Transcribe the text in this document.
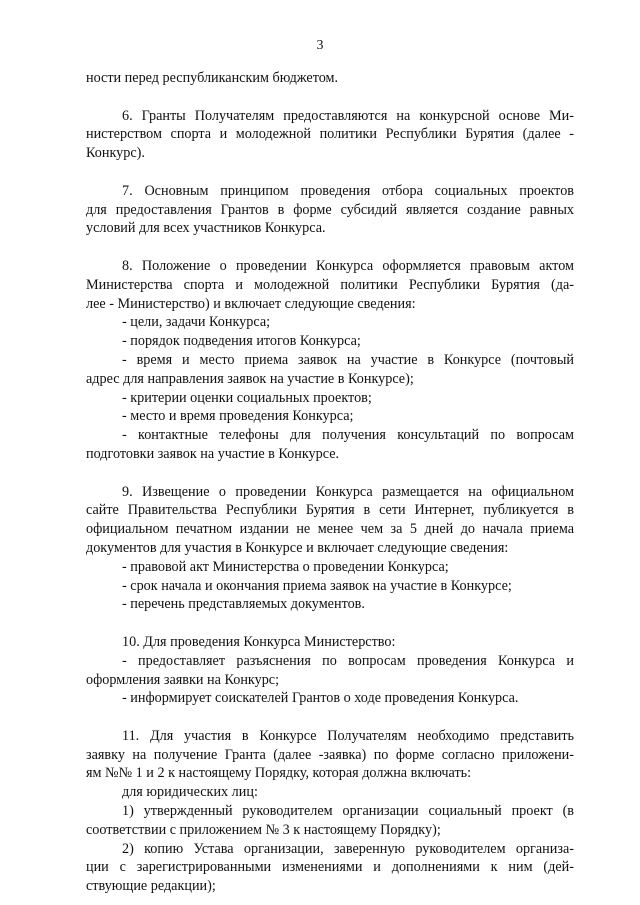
3
ности перед республиканским бюджетом.
6. Гранты Получателям предоставляются на конкурсной основе Ми-
нистерством спорта и молодежной политики Республики Бурятия (далее -
Конкурс).
7. Основным принципом проведения отбора социальных проектов
для предоставления Грантов в форме субсидий является создание равных
условий для всех участников Конкурса.
8. Положение о проведении Конкурса оформляется правовым актом
Министерства спорта и молодежной политики Республики Бурятия (да-
лее - Министерство) и включает следующие сведения:
- цели, задачи Конкурса;
- порядок подведения итогов Конкурса;
- время и место приема заявок на участие в Конкурсе (почтовый
адрес для направления заявок на участие в Конкурсе);
- критерии оценки социальных проектов;
- место и время проведения Конкурса;
- контактные телефоны для получения консультаций по вопросам
подготовки заявок на участие в Конкурсе.
9. Извещение о проведении Конкурса размещается на официальном
сайте Правительства Республики Бурятия в сети Интернет, публикуется в
официальном печатном издании не менее чем за 5 дней до начала приема
документов для участия в Конкурсе и включает следующие сведения:
- правовой акт Министерства о проведении Конкурса;
- срок начала и окончания приема заявок на участие в Конкурсе;
- перечень представляемых документов.
10. Для проведения Конкурса Министерство:
- предоставляет разъяснения по вопросам проведения Конкурса и
оформления заявки на Конкурс;
- информирует соискателей Грантов о ходе проведения Конкурса.
11. Для участия в Конкурсе Получателям необходимо представить
заявку на получение Гранта (далее -заявка) по форме согласно приложени-
ям №№ 1 и 2 к настоящему Порядку, которая должна включать:
для юридических лиц:
1) утвержденный руководителем организации социальный проект (в
соответствии с приложением № 3 к настоящему Порядку);
2) копию Устава организации, заверенную руководителем организа-
ции с зарегистрированными изменениями и дополнениями к ним (дей-
ствующие редакции);
